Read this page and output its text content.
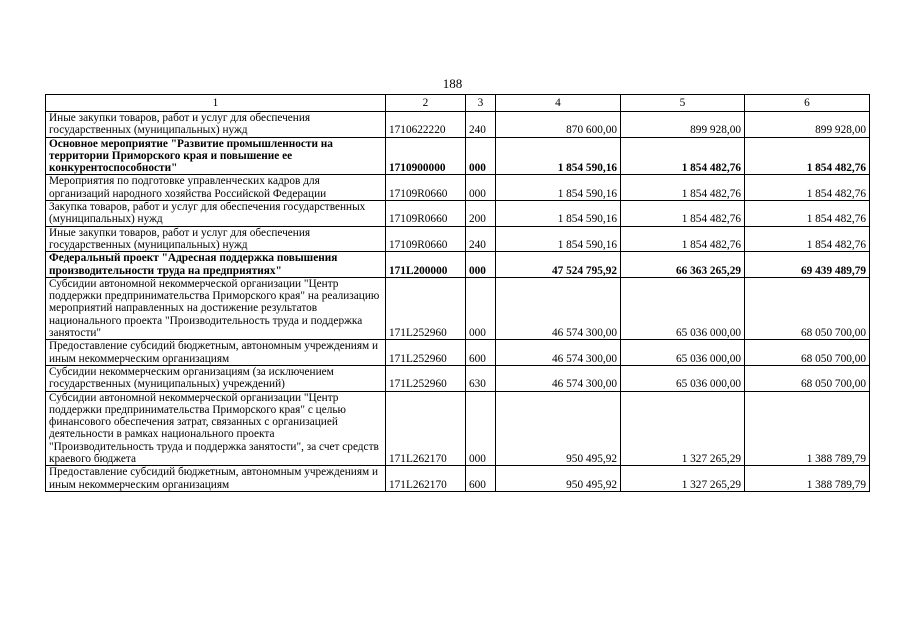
188
1	2	3	4	5	6
Иные закупки товаров, работ и услуг для обеспечения государственных (муниципальных) нужд	1710622220	240	870 600,00	899 928,00	899 928,00
Основное мероприятие "Развитие промышленности на территории Приморского края и повышение ее конкурентоспособности"	1710900000	000	1 854 590,16	1 854 482,76	1 854 482,76
Мероприятия по подготовке управленческих кадров для организаций народного хозяйства Российской Федерации	17109R0660	000	1 854 590,16	1 854 482,76	1 854 482,76
Закупка товаров, работ и услуг для обеспечения государственных (муниципальных) нужд	17109R0660	200	1 854 590,16	1 854 482,76	1 854 482,76
Иные закупки товаров, работ и услуг для обеспечения государственных (муниципальных) нужд	17109R0660	240	1 854 590,16	1 854 482,76	1 854 482,76
Федеральный проект "Адресная поддержка повышения производительности труда на предприятиях"	171L200000	000	47 524 795,92	66 363 265,29	69 439 489,79
Субсидии автономной некоммерческой организации "Центр поддержки предпринимательства Приморского края" на реализацию мероприятий направленных на достижение результатов национального проекта "Производительность труда и поддержка занятости"	171L252960	000	46 574 300,00	65 036 000,00	68 050 700,00
Предоставление субсидий бюджетным, автономным учреждениям и иным некоммерческим организациям	171L252960	600	46 574 300,00	65 036 000,00	68 050 700,00
Субсидии некоммерческим организациям (за исключением государственных (муниципальных) учреждений)	171L252960	630	46 574 300,00	65 036 000,00	68 050 700,00
Субсидии автономной некоммерческой организации "Центр поддержки предпринимательства Приморского края" с целью финансового обеспечения затрат, связанных с организацией деятельности в рамках национального проекта "Производительность труда и поддержка занятости", за счет средств краевого бюджета	171L262170	000	950 495,92	1 327 265,29	1 388 789,79
Предоставление субсидий бюджетным, автономным учреждениям и иным некоммерческим организациям	171L262170	600	950 495,92	1 327 265,29	1 388 789,79
